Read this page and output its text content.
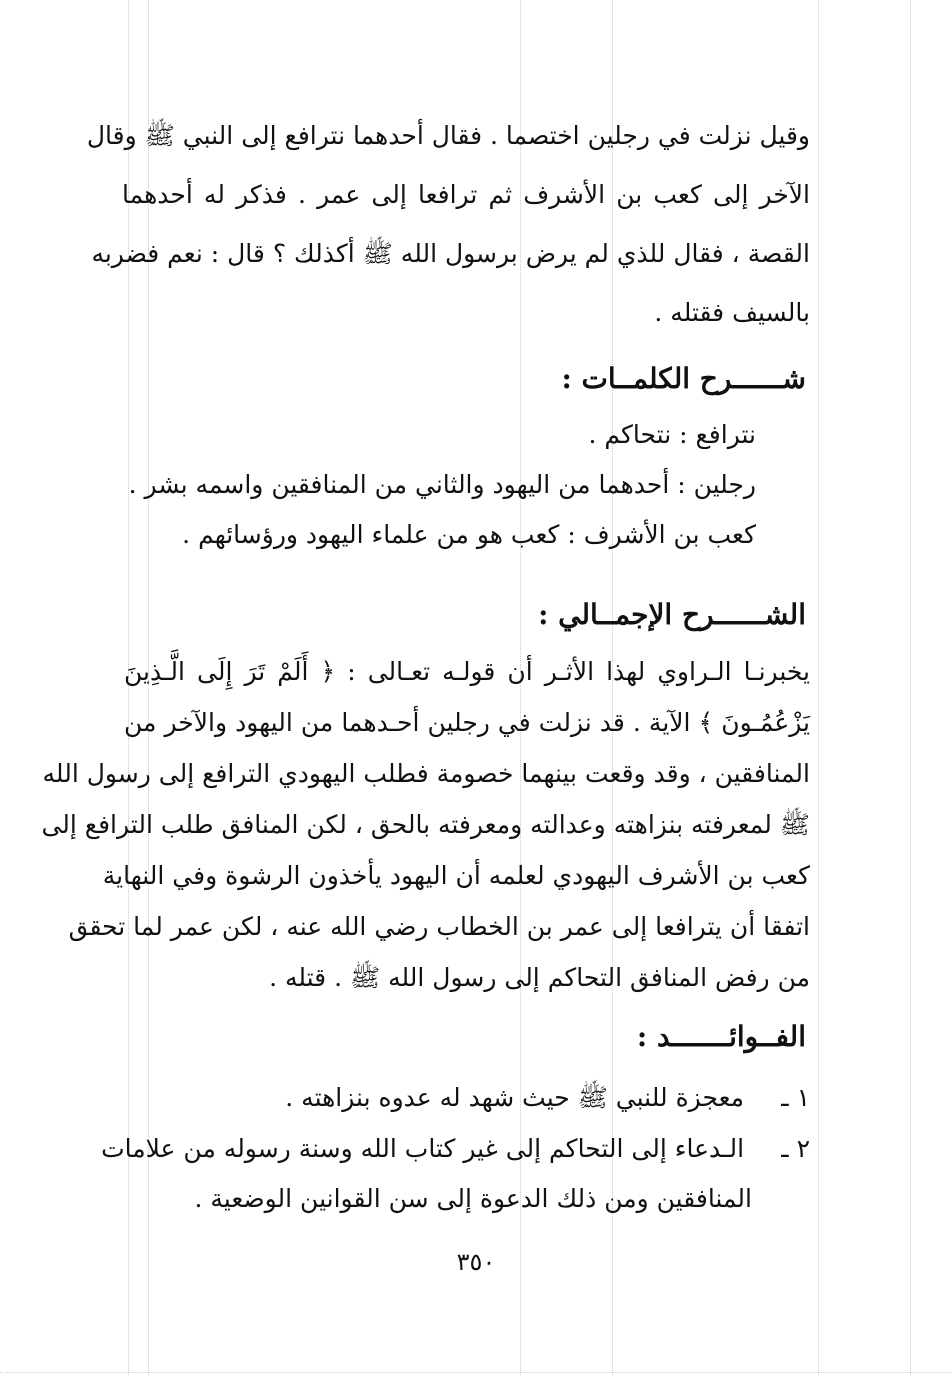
وقيل نزلت في رجلين اختصما . فقال أحدهما نترافع إلى النبي ﷺ وقال
الآخر إلى كعب بن الأشرف ثم ترافعا إلى عمر . فذكر له أحدهما
القصة ، فقال للذي لم يرض برسول الله ﷺ أكذلك ؟ قال : نعم فضربه
بالسيف فقتله .
شــــــرح الكلمــات :
نترافع : نتحاكم .
رجلين : أحدهما من اليهود والثاني من المنافقين واسمه بشر .
كعب بن الأشرف : كعب هو من علماء اليهود ورؤسائهم .
الشــــــرح الإجمــالي :
يخبرنـا الـراوي لهذا الأثـر أن قولـه تعـالى : ﴿ أَلَمْ تَرَ إِلَى الَّـذِينَ
يَزْعُمُـونَ ﴾ الآية . قد نزلت في رجلين أحـدهما من اليهود والآخر من
المنافقين ، وقد وقعت بينهما خصومة فطلب اليهودي الترافع إلى رسول الله
ﷺ لمعرفته بنزاهته وعدالته ومعرفته بالحق ، لكن المنافق طلب الترافع إلى
كعب بن الأشرف اليهودي لعلمه أن اليهود يأخذون الرشوة وفي النهاية
اتفقا أن يترافعا إلى عمر بن الخطاب رضي الله عنه ، لكن عمر لما تحقق
من رفض المنافق التحاكم إلى رسول الله ﷺ . قتله .
الفــوائـــــــد :
١ ـ معجزة للنبي ﷺ حيث شهد له عدوه بنزاهته .
٢ ـ الـدعاء إلى التحاكم إلى غير كتاب الله وسنة رسوله من علامات
المنافقين ومن ذلك الدعوة إلى سن القوانين الوضعية .
٣٥٠
